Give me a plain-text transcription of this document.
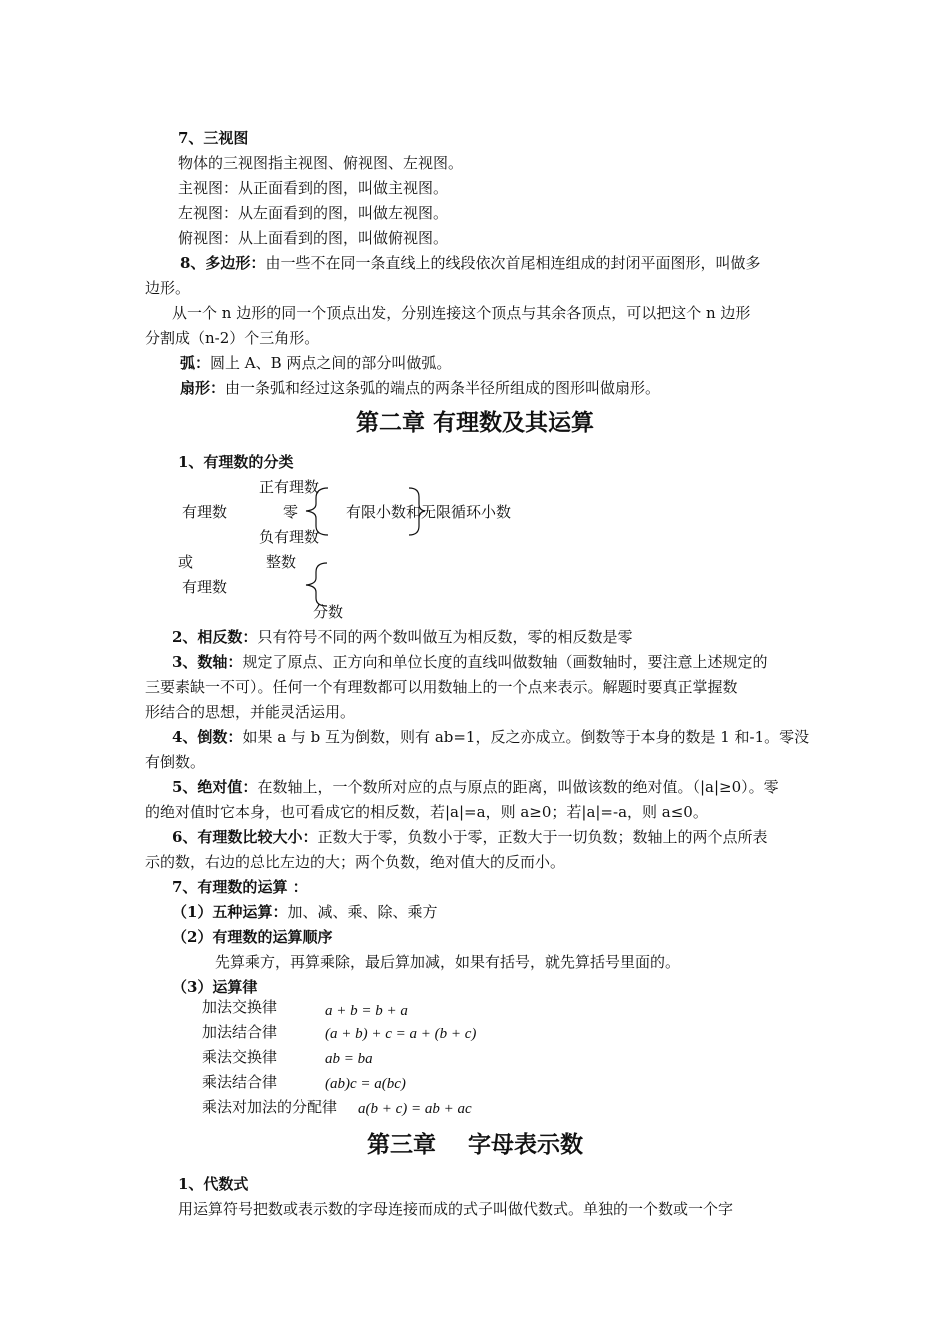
7、三视图
物体的三视图指主视图、俯视图、左视图。
主视图：从正面看到的图，叫做主视图。
左视图：从左面看到的图，叫做左视图。
俯视图：从上面看到的图，叫做俯视图。
8、多边形：由一些不在同一条直线上的线段依次首尾相连组成的封闭平面图形，叫做多
边形。
从一个 n 边形的同一个顶点出发，分别连接这个顶点与其余各顶点，可以把这个 n 边形
分割成（n-2）个三角形。
弧：圆上 A、B 两点之间的部分叫做弧。
扇形：由一条弧和经过这条弧的端点的两条半径所组成的图形叫做扇形。
第二章 有理数及其运算
1、有理数的分类
正有理数
有理数	零	有限小数和无限循环小数
负有理数
或	整数
有理数
分数
2、相反数：只有符号不同的两个数叫做互为相反数，零的相反数是零
3、数轴：规定了原点、正方向和单位长度的直线叫做数轴（画数轴时，要注意上述规定的
三要素缺一不可）。任何一个有理数都可以用数轴上的一个点来表示。解题时要真正掌握数
形结合的思想，并能灵活运用。
4、倒数：如果 a 与 b 互为倒数，则有 ab=1，反之亦成立。倒数等于本身的数是 1 和-1。零没
有倒数。
5、绝对值：在数轴上，一个数所对应的点与原点的距离，叫做该数的绝对值。（|a|≥0）。零
的绝对值时它本身，也可看成它的相反数，若|a|=a，则 a≥0；若|a|=-a，则 a≤0。
6、有理数比较大小：正数大于零，负数小于零，正数大于一切负数；数轴上的两个点所表
示的数，右边的总比左边的大；两个负数，绝对值大的反而小。
7、有理数的运算 ：
（1）五种运算：加、减、乘、除、乘方
（2）有理数的运算顺序
先算乘方，再算乘除，最后算加减，如果有括号，就先算括号里面的。
（3）运算律
加法交换律	a + b = b + a
加法结合律	(a + b) + c = a + (b + c)
乘法交换律	ab = ba
乘法结合律	(ab)c = a(bc)
乘法对加法的分配律 a(b + c) = ab + ac
第三章    字母表示数
1、代数式
用运算符号把数或表示数的字母连接而成的式子叫做代数式。单独的一个数或一个字
